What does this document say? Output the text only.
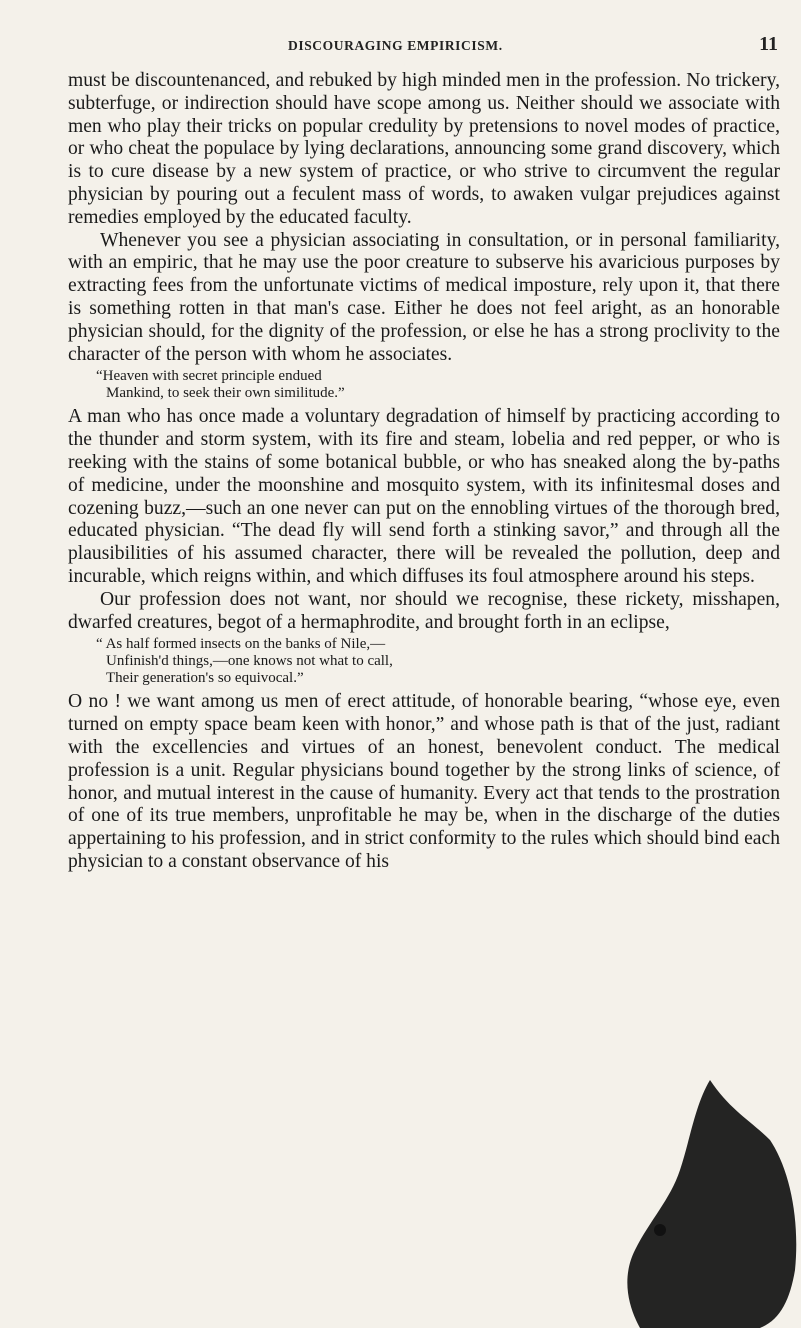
DISCOURAGING EMPIRICISM.	11

must be discountenanced, and rebuked by high minded men in the profession. No trickery, subterfuge, or indirection should have scope among us. Neither should we associate with men who play their tricks on popular credulity by pretensions to novel modes of practice, or who cheat the populace by lying declarations, announcing some grand discovery, which is to cure disease by a new system of practice, or who strive to circumvent the regular physician by pouring out a feculent mass of words, to awaken vulgar prejudices against remedies employed by the educated faculty.

Whenever you see a physician associating in consultation, or in personal familiarity, with an empiric, that he may use the poor creature to subserve his avaricious purposes by extracting fees from the unfortunate victims of medical imposture, rely upon it, that there is something rotten in that man's case. Either he does not feel aright, as an honorable physician should, for the dignity of the profession, or else he has a strong proclivity to the character of the person with whom he associates.

“Heaven with secret principle endued
Mankind, to seek their own similitude.”

A man who has once made a voluntary degradation of himself by practicing according to the thunder and storm system, with its fire and steam, lobelia and red pepper, or who is reeking with the stains of some botanical bubble, or who has sneaked along the by-paths of medicine, under the moonshine and mosquito system, with its infinitesmal doses and cozening buzz,—such an one never can put on the ennobling virtues of the thorough bred, educated physician. “The dead fly will send forth a stinking savor,” and through all the plausibilities of his assumed character, there will be revealed the pollution, deep and incurable, which reigns within, and which diffuses its foul atmosphere around his steps.

Our profession does not want, nor should we recognise, these rickety, misshapen, dwarfed creatures, begot of a hermaphrodite, and brought forth in an eclipse,

“ As half formed insects on the banks of Nile,—
Unfinish'd things,—one knows not what to call,
Their generation's so equivocal.”

O no ! we want among us men of erect attitude, of honorable bearing, “whose eye, even turned on empty space beam keen with honor,” and whose path is that of the just, radiant with the excellencies and virtues of an honest, benevolent conduct. The medical profession is a unit. Regular physicians bound together by the strong links of science, of honor, and mutual interest in the cause of humanity. Every act that tends to the prostration of one of its true members, unprofitable he may be, when in the discharge of the duties appertaining to his profession, and in strict conformity to the rules which should bind each physician to a constant observance of his
